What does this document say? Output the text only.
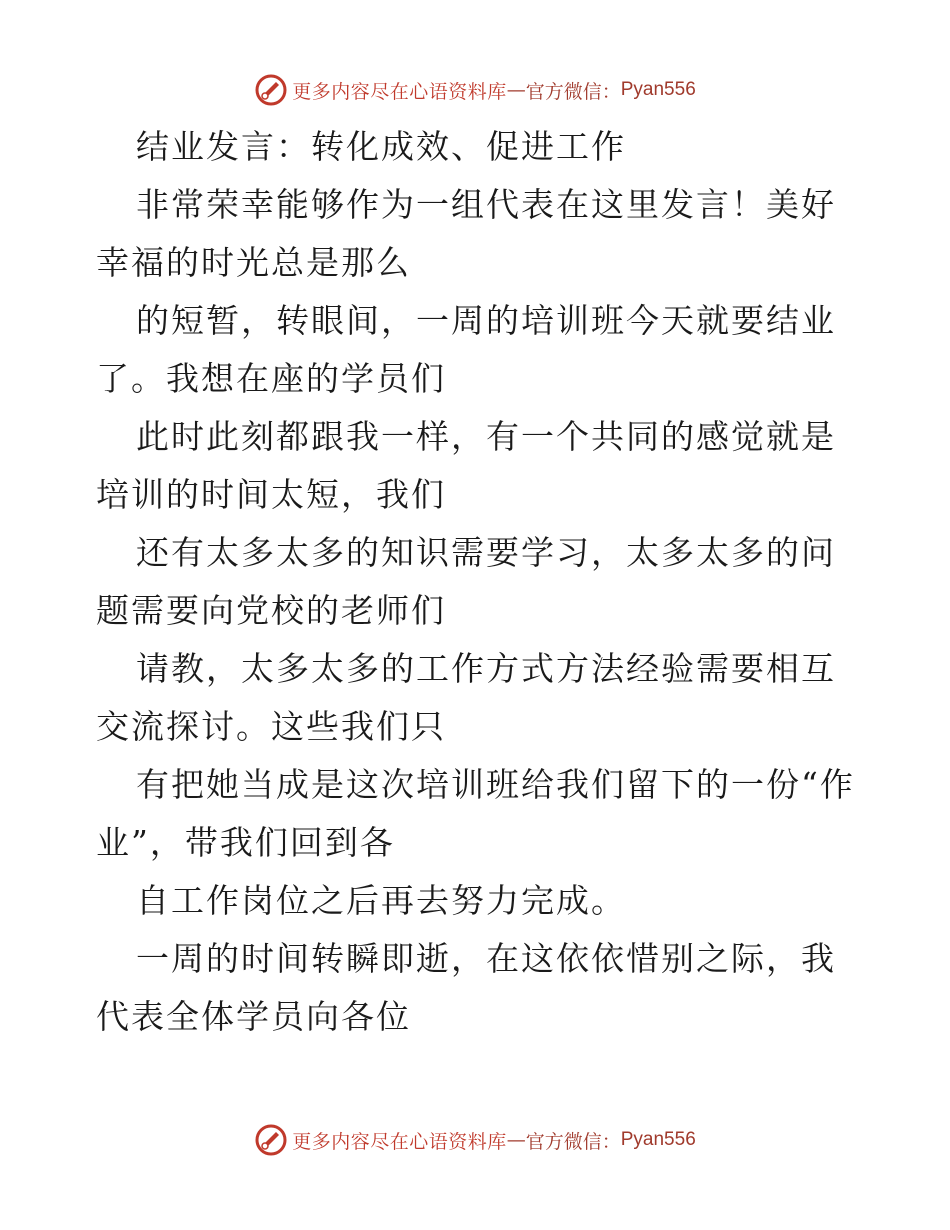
更多内容尽在心语资料库 — 官方微信： Pyan556

结业发言：转化成效、促进工作

非常荣幸能够作为一组代表在这里发言！美好幸福的时光总是那么

的短暂，转眼间，一周的培训班今天就要结业了。我想在座的学员们

此时此刻都跟我一样，有一个共同的感觉就是培训的时间太短，我们

还有太多太多的知识需要学习，太多太多的问题需要向党校的老师们

请教，太多太多的工作方式方法经验需要相互交流探讨。这些我们只

有把她当成是这次培训班给我们留下的一份“作业”，带我们回到各

自工作岗位之后再去努力完成。

一周的时间转瞬即逝，在这依依惜别之际，我代表全体学员向各位

更多内容尽在心语资料库 — 官方微信： Pyan556
